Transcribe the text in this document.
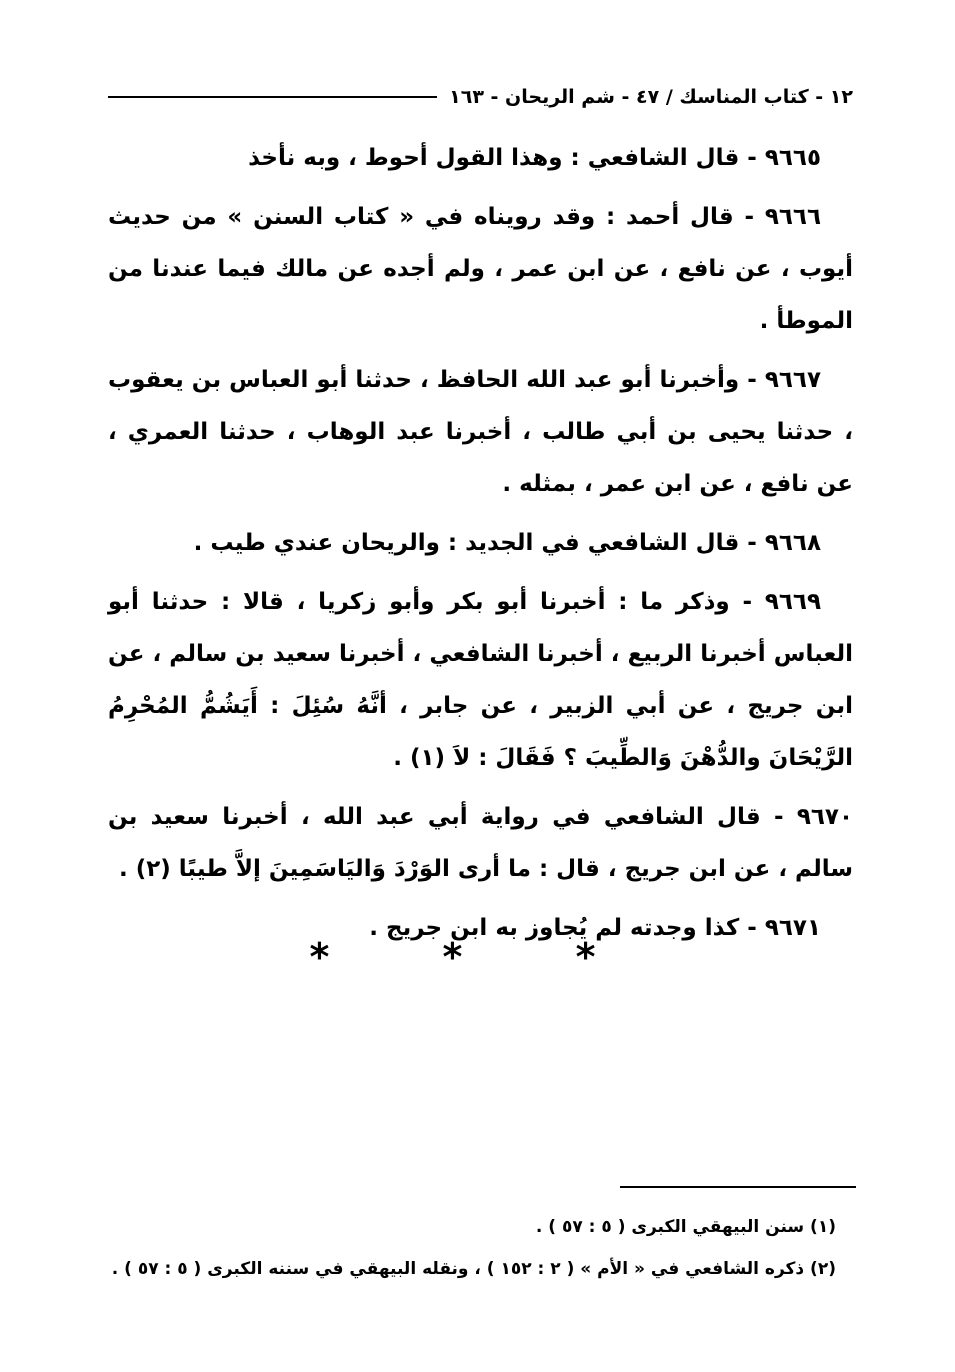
١٢ - كتاب المناسك / ٤٧ - شم الريحان - ١٦٣

٩٦٦٥ - قال الشافعي : وهذا القول أحوط ، وبه نأخذ

٩٦٦٦ - قال أحمد : وقد رويناه في « كتاب السنن » من حديث أيوب ، عن نافع ، عن ابن عمر ، ولم أجده عن مالك فيما عندنا من الموطأ .

٩٦٦٧ - وأخبرنا أبو عبد الله الحافظ ، حدثنا أبو العباس بن يعقوب ، حدثنا يحيى بن أبي طالب ، أخبرنا عبد الوهاب ، حدثنا العمري ، عن نافع ، عن ابن عمر ، بمثله .

٩٦٦٨ - قال الشافعي في الجديد : والريحان عندي طيب .

٩٦٦٩ - وذكر ما : أخبرنا أبو بكر وأبو زكريا ، قالا : حدثنا أبو العباس أخبرنا الربيع ، أخبرنا الشافعي ، أخبرنا سعيد بن سالم ، عن ابن جريج ، عن أبي الزبير ، عن جابر ، أنَّهُ سُئِلَ : أَيَشُمُّ المُحْرِمُ الرَّيْحَانَ والدُّهْنَ وَالطِّيبَ ؟ فَقَالَ : لاَ (١) .

٩٦٧٠ - قال الشافعي في رواية أبي عبد الله ، أخبرنا سعيد بن سالم ، عن ابن جريج ، قال : ما أرى الوَرْدَ وَاليَاسَمِينَ إلاَّ طيبًا (٢) .

٩٦٧١ - كذا وجدته لم يُجاوز به ابن جريج .

* * *

(١) سنن البيهقي الكبرى ( ٥ : ٥٧ ) .

(٢) ذكره الشافعي في « الأم » ( ٢ : ١٥٢ ) ، ونقله البيهقي في سننه الكبرى ( ٥ : ٥٧ ) .
